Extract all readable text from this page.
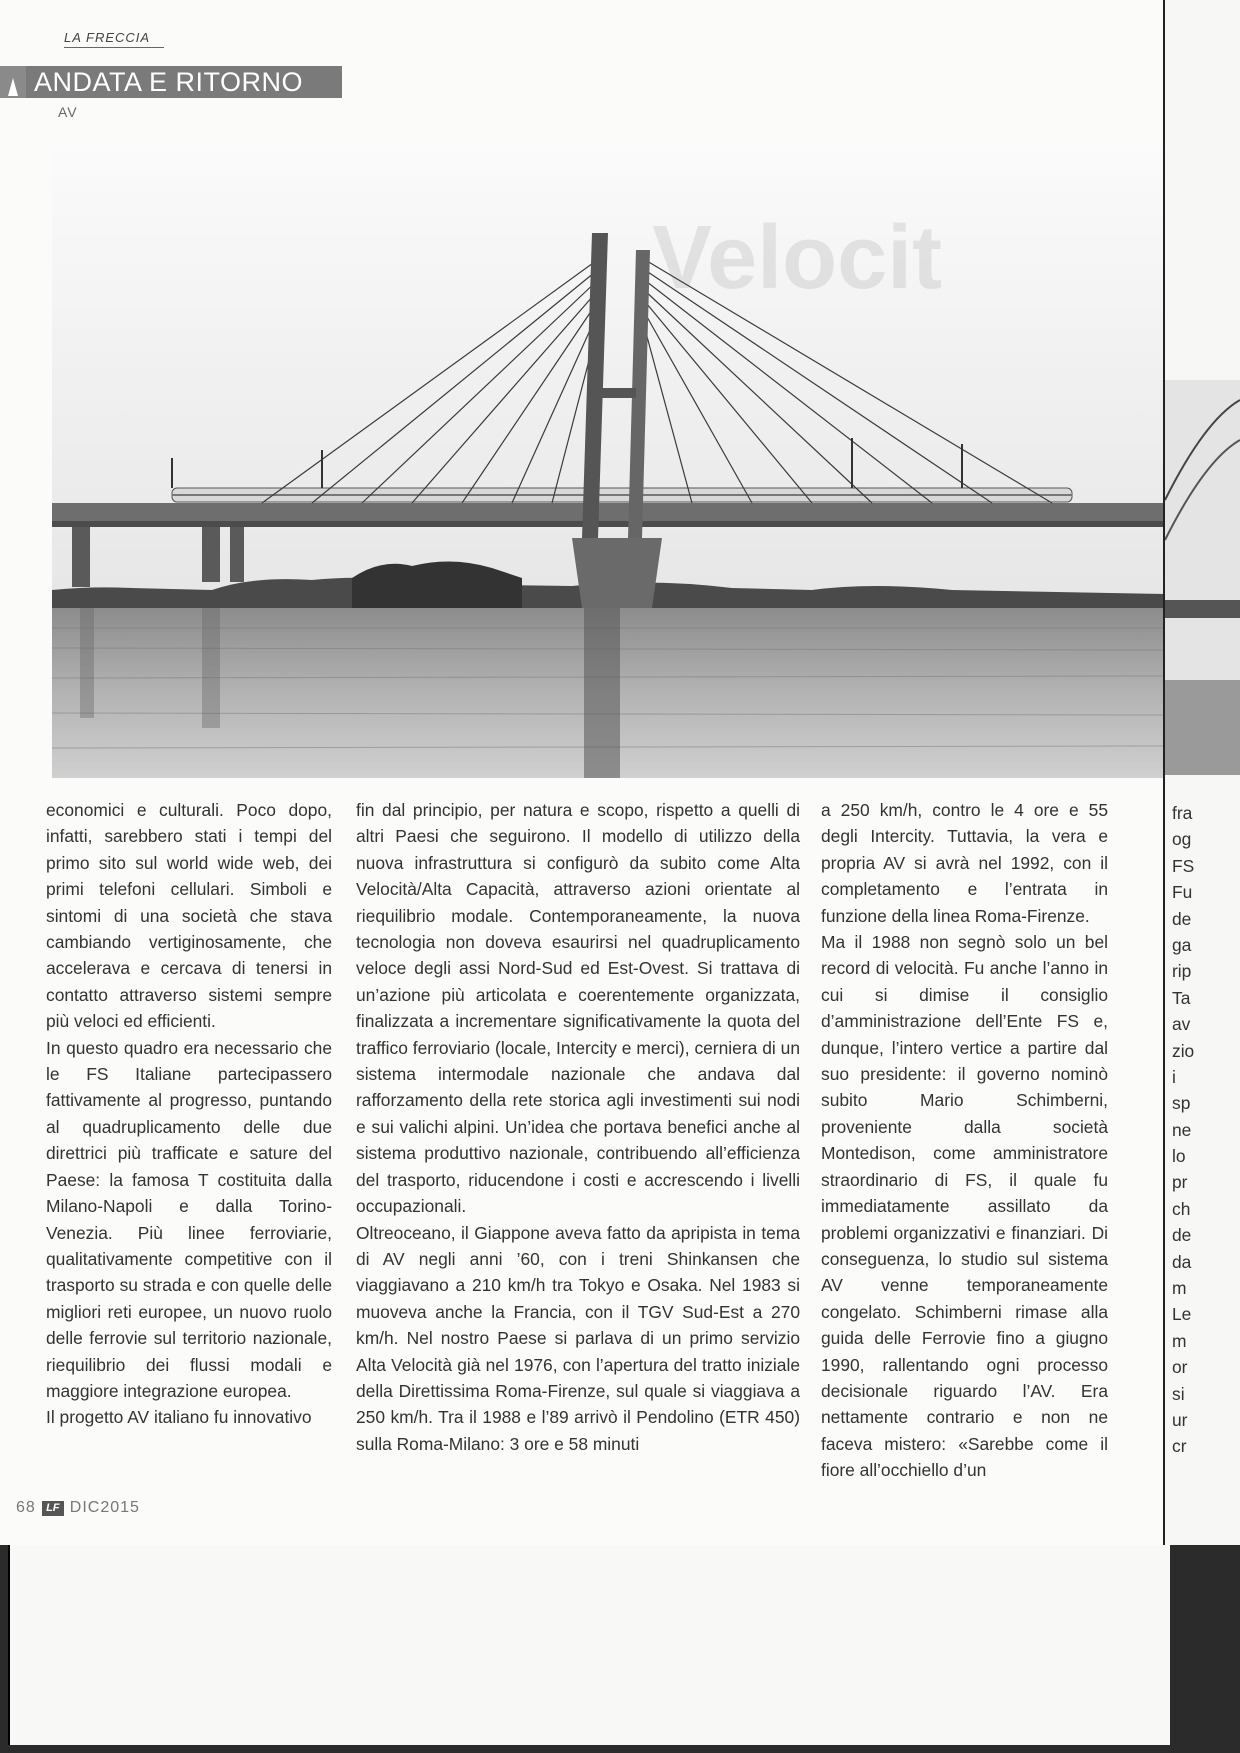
LA FRECCIA
ANDATA E RITORNO
AV
Velocit

economici e culturali. Poco dopo, infatti, sarebbero stati i tempi del primo sito sul world wide web, dei primi telefoni cellulari. Simboli e sintomi di una società che stava cambiando vertiginosamente, che accelerava e cercava di tenersi in contatto attraverso sistemi sempre più veloci ed efficienti.

In questo quadro era necessario che le FS Italiane partecipassero fattivamente al progresso, puntando al quadruplicamento delle due direttrici più trafficate e sature del Paese: la famosa T costituita dalla Milano-Napoli e dalla Torino-Venezia. Più linee ferroviarie, qualitativamente competitive con il trasporto su strada e con quelle delle migliori reti europee, un nuovo ruolo delle ferrovie sul territorio nazionale, riequilibrio dei flussi modali e maggiore integrazione europea.

Il progetto AV italiano fu innovativo

fin dal principio, per natura e scopo, rispetto a quelli di altri Paesi che seguirono. Il modello di utilizzo della nuova infrastruttura si configurò da subito come Alta Velocità/Alta Capacità, attraverso azioni orientate al riequilibrio modale. Contemporaneamente, la nuova tecnologia non doveva esaurirsi nel quadruplicamento veloce degli assi Nord-Sud ed Est-Ovest. Si trattava di un’azione più articolata e coerentemente organizzata, finalizzata a incrementare significativamente la quota del traffico ferroviario (locale, Intercity e merci), cerniera di un sistema intermodale nazionale che andava dal rafforzamento della rete storica agli investimenti sui nodi e sui valichi alpini. Un’idea che portava benefici anche al sistema produttivo nazionale, contribuendo all’efficienza del trasporto, riducendone i costi e accrescendo i livelli occupazionali.

Oltreoceano, il Giappone aveva fatto da apripista in tema di AV negli anni ’60, con i treni Shinkansen che viaggiavano a 210 km/h tra Tokyo e Osaka. Nel 1983 si muoveva anche la Francia, con il TGV Sud-Est a 270 km/h. Nel nostro Paese si parlava di un primo servizio Alta Velocità già nel 1976, con l’apertura del tratto iniziale della Direttissima Roma-Firenze, sul quale si viaggiava a 250 km/h. Tra il 1988 e l’89 arrivò il Pendolino (ETR 450) sulla Roma-Milano: 3 ore e 58 minuti

a 250 km/h, contro le 4 ore e 55 degli Intercity. Tuttavia, la vera e propria AV si avrà nel 1992, con il completamento e l’entrata in funzione della linea Roma-Firenze.

Ma il 1988 non segnò solo un bel record di velocità. Fu anche l’anno in cui si dimise il consiglio d’amministrazione dell’Ente FS e, dunque, l’intero vertice a partire dal suo presidente: il governo nominò subito Mario Schimberni, proveniente dalla società Montedison, come amministratore straordinario di FS, il quale fu immediatamente assillato da problemi organizzativi e finanziari. Di conseguenza, lo studio sul sistema AV venne temporaneamente congelato. Schimberni rimase alla guida delle Ferrovie fino a giugno 1990, rallentando ogni processo decisionale riguardo l’AV. Era nettamente contrario e non ne faceva mistero: «Sarebbe come il fiore all’occhiello d’un

fra
og
FS
Fu
de
ga
rip
Ta
av
zio
i
sp
ne
lo
pr
ch
de
da
m
Le
m
or
si
ur
cr
68 LF DIC2015
